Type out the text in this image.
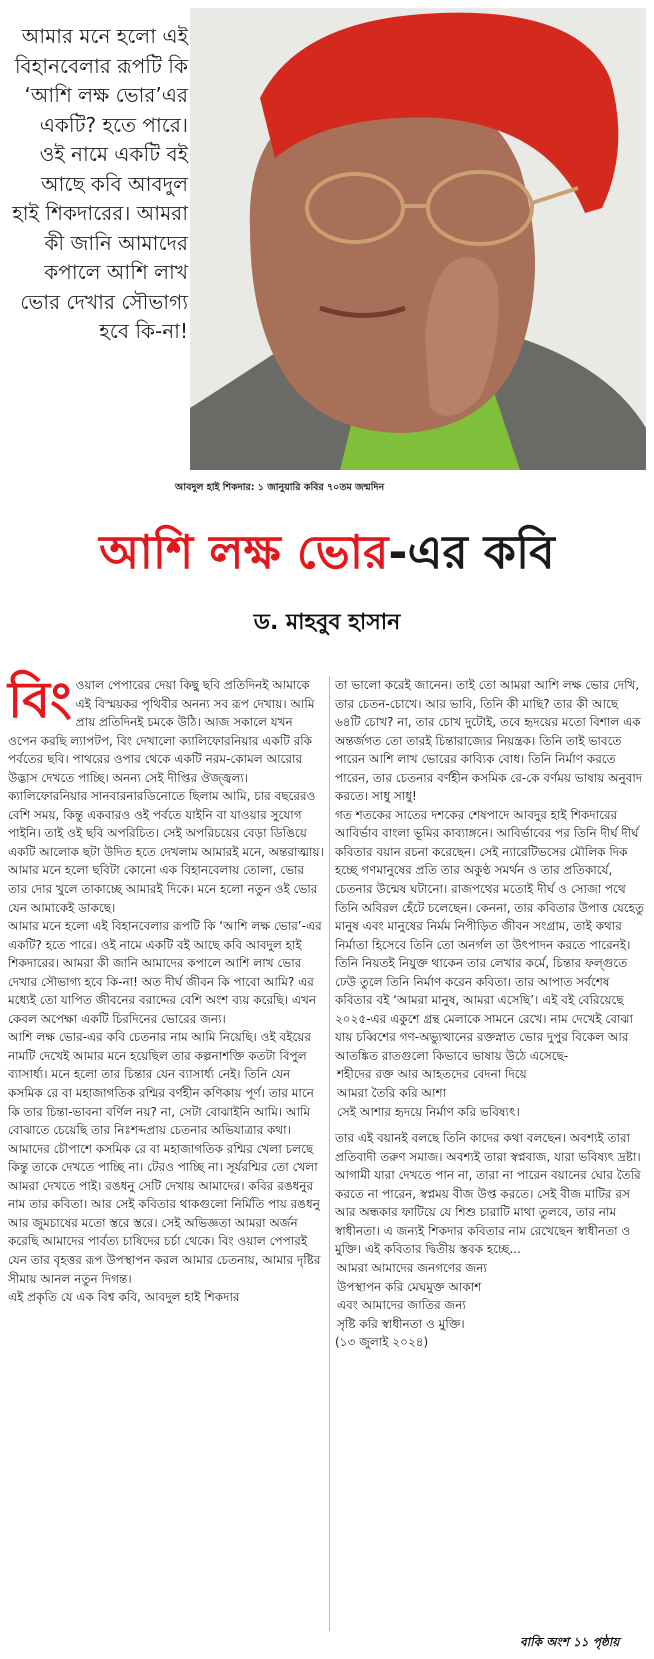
আমার মনে হলো এই বিহানবেলার রূপটি কি ‘আশি লক্ষ ভোর’এর একটি? হতে পারে। ওই নামে একটি বই আছে কবি আবদুল হাই শিকদারের। আমরা কী জানি আমাদের কপালে আশি লাখ ভোর দেখার সৌভাগ্য হবে কি-না!
আবদুল হাই শিকদার: ১ জানুয়ারি কবির ৭০তম জন্মদিন
আশি লক্ষ ভোর-এর কবি
ড. মাহবুব হাসান
বিং ওয়াল পেপারের দেয়া কিছু ছবি প্রতিদিনই আমাকে এই বিস্ময়কর পৃথিবীর অনন্য সব রূপ দেখায়। আমি প্রায় প্রতিদিনই চমকে উঠি। আজ সকালে যখন ওপেন করছি ল্যাপটপ, বিং দেখালো ক্যালিফোরনিয়ার একটি রকি পর্বতের ছবি। পাথরের ওপার থেকে একটি নরম-কোমল আরোর উদ্ভাস দেখতে পাচ্ছি। অনন্য সেই দীপ্তির ঔজ্জ্বল্য। ক্যালিফোরনিয়ার সানবারনারডিনোতে ছিলাম আমি, চার বছরেরও বেশি সময়, কিন্তু একবারও ওই পর্বতে যাইনি বা যাওয়ার সুযোগ পাইনি। তাই ওই ছবি অপরিচিত। সেই অপরিচয়ের বেড়া ডিঙিয়ে একটি আলোক ছটা উদিত হতে দেখলাম আমারই মনে, অন্তরাত্মায়। আমার মনে হলো ছবিটা কোনো এক বিহানবেলায় তোলা, ভোর তার দোর খুলে তাকাচ্ছে আমারই দিকে। মনে হলো নতুন ওই ভোর যেন আমাকেই ডাকছে।

আমার মনে হলো এই বিহানবেলার রূপটি কি ‘আশি লক্ষ ভোর’-এর একটি? হতে পারে। ওই নামে একটি বই আছে কবি আবদুল হাই শিকদারের। আমরা কী জানি আমাদের কপালে আশি লাখ ভোর দেখার সৌভাগ্য হবে কি-না! অত দীর্ঘ জীবন কি পাবো আমি? এর মধ্যেই তো যাপিত জীবনের বরাদ্দের বেশি অংশ ব্যয় করেছি। এখন কেবল অপেক্ষা একটি চিরদিনের ভোরের জন্য।

আশি লক্ষ ভোর-এর কবি চেতনার নাম আমি নিয়েছি। ওই বইয়ের নামটি দেখেই আমার মনে হয়েছিল তার কল্পনাশক্তি কতটা বিপুল ব্যাসার্ধ্য। মনে হলো তার চিন্তার যেন ব্যাসার্ধ্য নেই। তিনি যেন কসমিক রে বা মহাজাগতিক রশ্মির বর্ণহীন কণিকায় পূর্ণ। তার মানে কি তার চিন্তা-ভাবনা বর্ণিল নয়? না, সেটা বোঝাইনি আমি। আমি বোঝাতে চেয়েছি তার নিঃশব্দপ্রায় চেতনার অভিযাত্রার কথা। আমাদের চৌপাশে কসমিক রে বা মহাজাগতিক রশ্মির খেলা চলছে কিন্তু তাকে দেখতে পাচ্ছি না। টের‌ও পাচ্ছি না। সূর্যরশ্মির তো খেলা আমরা দেখতে পাই। রঙধনু সেটি দেখায় আমাদের। কবির রঙধনুর নাম তার কবিতা। আর সেই কবিতার থাকগুলো নির্মিতি পায় রঙধনু আর জুমচাষের মতো স্তরে স্তরে। সেই অভিজ্ঞতা আমরা অর্জন করেছি আমাদের পার্বত্য চাষিদের চর্চা থেকে। বিং ওয়াল পেপারই যেন তার বৃহত্তর রূপ উপস্থাপন করল আমার চেতনায়, আমার দৃষ্টির সীমায় আনল নতুন দিগন্ত।

এই প্রকৃতি যে এক বিশ্ব কবি, আবদুল হাই শিকদার

তা ভালো করেই জানেন। তাই তো আমরা আশি লক্ষ ভোর দেখি, তার চেতন-চোখে। আর ভাবি, তিনি কী মাছি? তার কী আছে ৬৪টি চোখ? না, তার চোখ দুটোই, তবে হৃদয়ের মতো বিশাল এক অন্তর্জগত তো তারই চিন্তারাজ্যের নিয়ন্ত্রক। তিনি তাই ভাবতে পারেন আশি লাখ ভোরের কাব্যিক বোধ। তিনি নির্মাণ করতে পারেন, তার চেতনার বর্ণহীন কসমিক রে-কে বর্ণময় ভাষায় অনুবাদ করতে। সাধু সাধু!

গত শতকের সাতের দশকের শেষপাদে আবদুর হাই শিকদারের আবির্ভাব বাংলা ভূমির কাব্যাঙ্গনে। আবির্ভাবের পর তিনি দীর্ঘ দীর্ঘ কবিতার বয়ান রচনা করেছেন। সেই ন্যারেটিভসের মৌলিক দিক হচ্ছে গণমানুষের প্রতি তার অকুণ্ঠ সমর্থন ও তার প্রতিকার্যে, চেতনার উন্মেষ ঘটানো। রাজপথের মতোই দীর্ঘ ও সোজা পথে তিনি অবিরল হেঁটে চলেছেন। কেননা, তার কবিতার উপাত্ত যেহেতু মানুষ এবং মানুষের নির্মম নিপীড়িত জীবন সংগ্রাম, তাই কথার নির্মাতা হিসেবে তিনি তো অনর্গল তা উৎপাদন করতে পারেনই। তিনি নিয়তই নিযুক্ত থাকেন তার লেখার কর্মে, চিন্তার ফল্গুতে ঢেউ তুলে তিনি নির্মাণ করেন কবিতা। তার আপাত সর্বশেষ কবিতার বই ‘আমরা মানুষ, আমরা এসেছি’। এই বই বেরিয়েছে ২০২৫-এর একুশে গ্রন্থ মেলাকে সামনে রেখে। নাম দেখেই বোঝা যায় চব্বিশের গণ-অভ্যুত্থানের রক্তস্নাত ভোর দুপুর বিকেল আর আতঙ্কিত রাতগুলো কিভাবে ভাষায় উঠে এসেছে-

শহীদের রক্ত আর আহতদের বেদনা দিয়ে

আমরা তৈরি করি আশা

সেই আশার হৃদয়ে নির্মাণ করি ভবিষ্যৎ।

তার এই বয়ানই বলছে তিনি কাদের কথা বলছেন। অবশ্যই তারা প্রতিবাদী তরুণ সমাজ। অবশ্যই তারা স্বপ্নবাজ, যারা ভবিষ্যৎ দ্রষ্টা। আগামী যারা দেখতে পান না, তারা না পারেন বয়ানের ঘোর তৈরি করতে না পারেন, স্বপ্নময় বীজ উপ্ত করতে। সেই বীজ মাটির রস আর অন্ধকার ফাটিয়ে যে শিশু চারাটি মাথা তুলবে, তার নাম স্বাধীনতা। এ জন্যই শিকদার কবিতার নাম রেখেছেন স্বাধীনতা ও মুক্তি। এই কবিতার দ্বিতীয় স্তবক হচ্ছে...

আমরা আমাদের জনগণের জন্য

উপস্থাপন করি মেঘমুক্ত আকাশ

এবং আমাদের জাতির জন্য

সৃষ্টি করি স্বাধীনতা ও মুক্তি।

(১৩ জুলাই ২০২৪)

বাকি অংশ ১১ পৃষ্ঠায়
